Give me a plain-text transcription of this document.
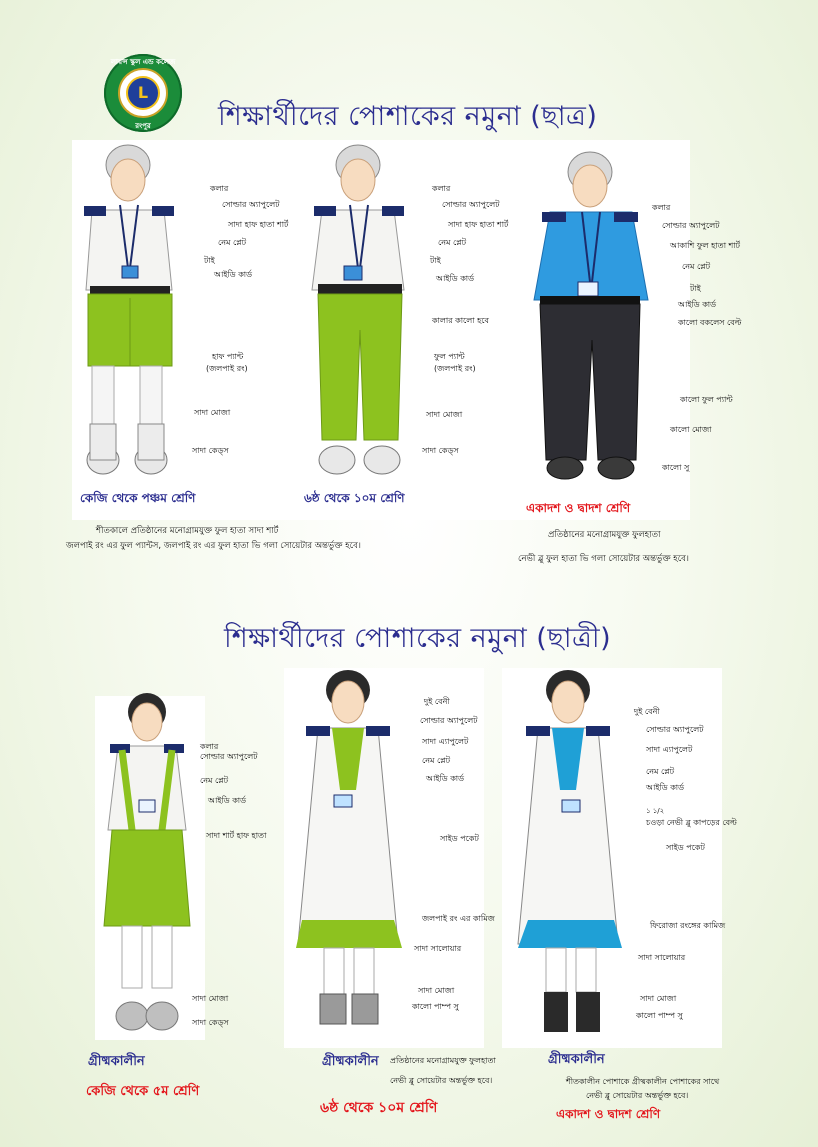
লায়ন্স স্কুল এন্ড কলেজ
L
রংপুর	শিক্ষার্থীদের পোশাকের নমুনা (ছাত্র)
কলার
সোল্ডার অ্যাপুলেট
সাদা হাফ হাতা শার্ট
নেম প্লেট
টাই
আইডি কার্ড
হাফ প্যান্ট
(জলপাই রং)
সাদা মোজা
সাদা কেড্স
কেজি থেকে পঞ্চম শ্রেণি
কলার
সোল্ডার অ্যাপুলেট
সাদা হাফ হাতা শার্ট
নেম প্লেট
টাই
আইডি কার্ড
কালার কালো হবে
ফুল প্যান্ট
(জলপাই রং)
সাদা মোজা
সাদা কেড্স
৬ষ্ঠ থেকে ১০ম শ্রেণি
কলার
সোল্ডার অ্যাপুলেট
আকাশি ফুল হাতা শার্ট
নেম প্লেট
টাই
আইডি কার্ড
কালো বকলেস বেল্ট
কালো ফুল প্যান্ট
কালো মোজা
কালো সু
একাদশ ও দ্বাদশ শ্রেণি
শীতকালে প্রতিষ্ঠানের মনোগ্রামযুক্ত ফুল হাতা সাদা শার্ট
জলপাই রং এর ফুল প্যান্টস, জলপাই রং এর ফুল হাতা ভি গলা সোয়েটার অন্তর্ভুক্ত হবে।
প্রতিষ্ঠানের মনোগ্রামযুক্ত ফুলহাতা
নেভী ব্লু ফুল হাতা ভি গলা সোয়েটার অন্তর্ভুক্ত হবে।
শিক্ষার্থীদের পোশাকের নমুনা (ছাত্রী)
কলার
সোল্ডার অ্যাপুলেট
নেম প্লেট
আইডি কার্ড
সাদা শার্ট হাফ হাতা
সাদা মোজা
সাদা কেড্স
গ্রীষ্মকালীন
কেজি থেকে ৫ম শ্রেণি
দুই বেনী
সোল্ডার অ্যাপুলেট
সাদা এ্যাপুলেট
নেম প্লেট
আইডি কার্ড
সাইড পকেট
জলপাই রং এর কামিজ
সাদা সালোয়ার
সাদা মোজা
কালো পাম্প সু
গ্রীষ্মকালীন প্রতিষ্ঠানের মনোগ্রামযুক্ত ফুলহাতা
নেভী ব্লু সোয়েটার অন্তর্ভুক্ত হবে।
৬ষ্ঠ থেকে ১০ম শ্রেণি
দুই বেনী
সোল্ডার অ্যাপুলেট
সাদা এ্যাপুলেট
নেম প্লেট
আইডি কার্ড
১ ১/২
চওড়া নেভী ব্লু কাপড়ের বেল্ট
সাইড পকেট
ফিরোজা রংঙ্গের কামিজ
সাদা সালোয়ার
সাদা মোজা
কালো পাম্প সু
গ্রীষ্মকালীন
শীতকালীন পোশাকে গ্রীষ্মকালীন পোশাকের সাথে
নেভী ব্লু সোয়েটার অন্তর্ভুক্ত হবে।
একাদশ ও দ্বাদশ শ্রেণি
